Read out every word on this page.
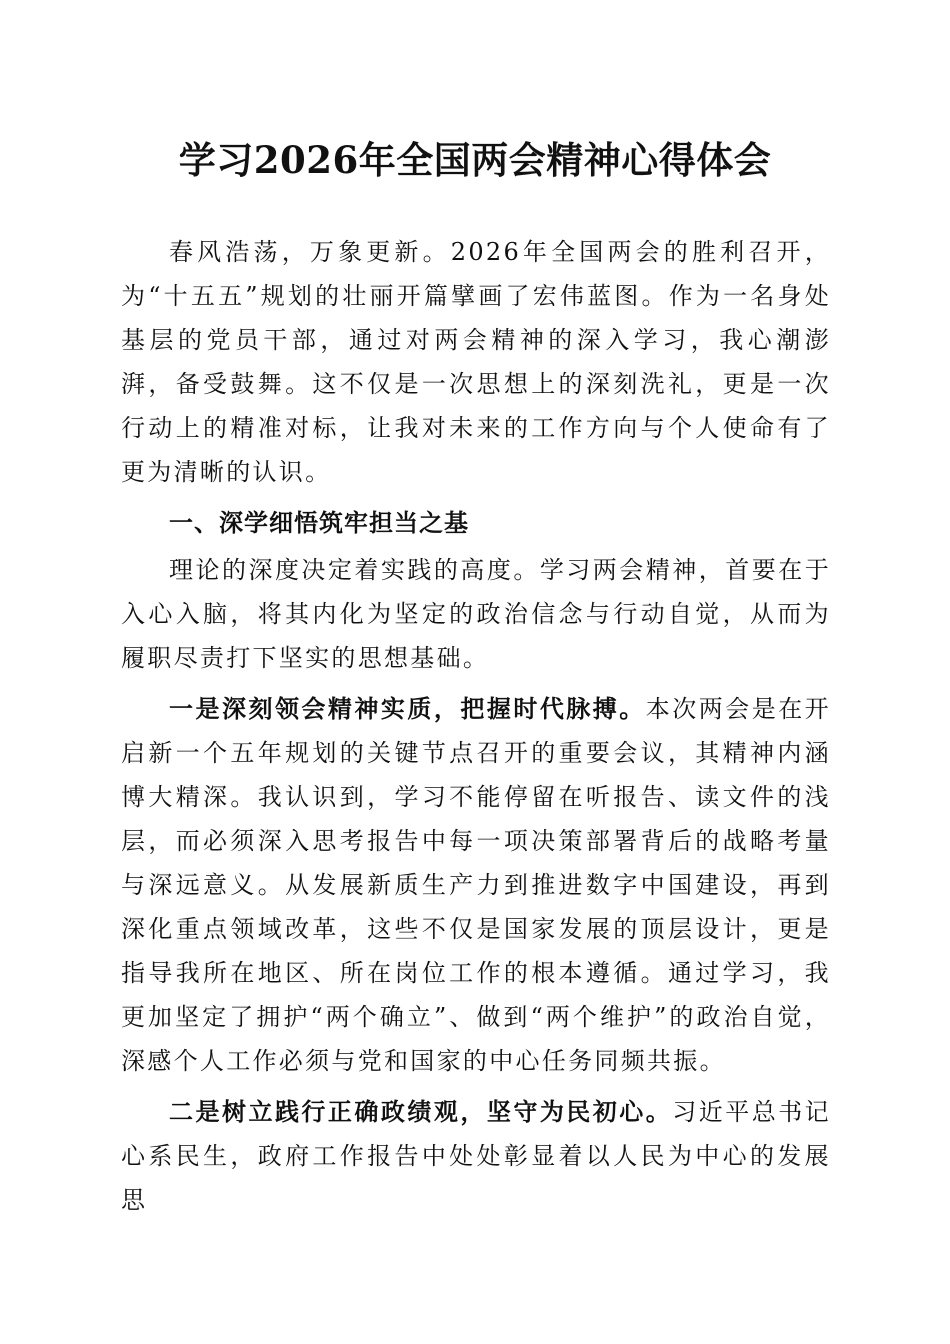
学习2026年全国两会精神心得体会

春风浩荡，万象更新。2026年全国两会的胜利召开，为“十五五”规划的壮丽开篇擘画了宏伟蓝图。作为一名身处基层的党员干部，通过对两会精神的深入学习，我心潮澎湃，备受鼓舞。这不仅是一次思想上的深刻洗礼，更是一次行动上的精准对标，让我对未来的工作方向与个人使命有了更为清晰的认识。

一、深学细悟筑牢担当之基

理论的深度决定着实践的高度。学习两会精神，首要在于入心入脑，将其内化为坚定的政治信念与行动自觉，从而为履职尽责打下坚实的思想基础。

一是深刻领会精神实质，把握时代脉搏。本次两会是在开启新一个五年规划的关键节点召开的重要会议，其精神内涵博大精深。我认识到，学习不能停留在听报告、读文件的浅层，而必须深入思考报告中每一项决策部署背后的战略考量与深远意义。从发展新质生产力到推进数字中国建设，再到深化重点领域改革，这些不仅是国家发展的顶层设计，更是指导我所在地区、所在岗位工作的根本遵循。通过学习，我更加坚定了拥护“两个确立”、做到“两个维护”的政治自觉，深感个人工作必须与党和国家的中心任务同频共振。

二是树立践行正确政绩观，坚守为民初心。习近平总书记心系民生，政府工作报告中处处彰显着以人民为中心的发展思
